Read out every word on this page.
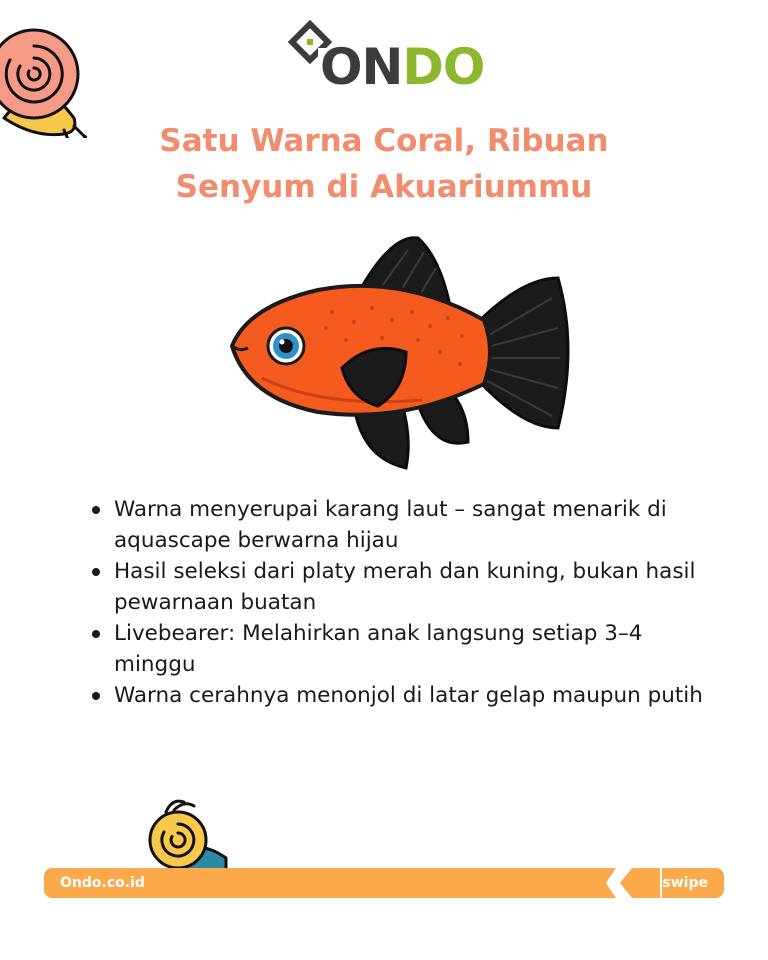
ONDO
Satu Warna Coral, Ribuan
Senyum di Akuariummu
Warna menyerupai karang laut – sangat menarik di aquascape berwarna hijau
Hasil seleksi dari platy merah dan kuning, bukan hasil pewarnaan buatan
Livebearer: Melahirkan anak langsung setiap 3–4 minggu
Warna cerahnya menonjol di latar gelap maupun putih
Ondo.co.id	swipe
